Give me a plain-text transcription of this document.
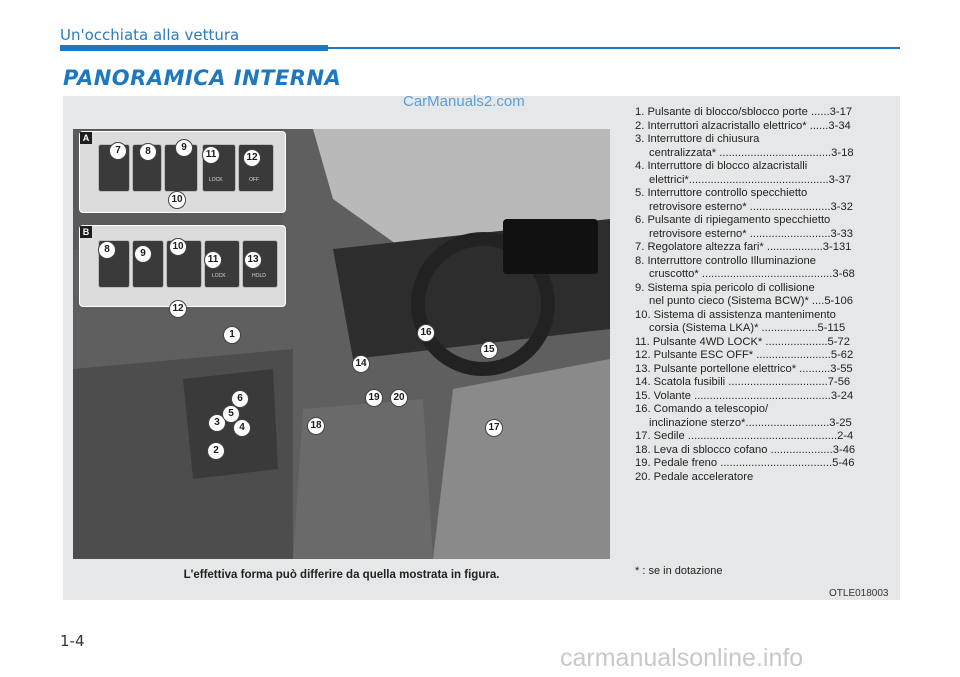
Un'occhiata alla vettura
PANORAMICA INTERNA
CarManuals2.com
A
LOCK	OFF
B
LOCK	HOLD
7	8	9
10
11	12
8	9
10
11
12
13
1
2
3	4
5
6
14
15
16
17
18
19 20
L'effettiva forma può differire da quella mostrata in figura.
1. Pulsante di blocco/sblocco porte ......3-17
2. Interruttori alzacristallo elettrico* ......3-34
3. Interruttore di chiusura
centralizzata* ....................................3-18
4. Interruttore di blocco alzacristalli
elettrici*.............................................3-37
5. Interruttore controllo specchietto
retrovisore esterno* ..........................3-32
6. Pulsante di ripiegamento specchietto
retrovisore esterno* ..........................3-33
7. Regolatore altezza fari* ..................3-131
8. Interruttore controllo Illuminazione
cruscotto* ..........................................3-68
9. Sistema spia pericolo di collisione
nel punto cieco (Sistema BCW)* ....5-106
10. Sistema di assistenza mantenimento
corsia (Sistema LKA)* ..................5-115
11. Pulsante 4WD LOCK* ....................5-72
12. Pulsante ESC OFF* ........................5-62
13. Pulsante portellone elettrico* ..........3-55
14. Scatola fusibili ................................7-56
15. Volante ............................................3-24
16. Comando a telescopio/
inclinazione sterzo*...........................3-25
17. Sedile ................................................2-4
18. Leva di sblocco cofano ....................3-46
19. Pedale freno ....................................5-46
20. Pedale acceleratore
* : se in dotazione
OTLE018003
1-4
carmanualsonline.info
